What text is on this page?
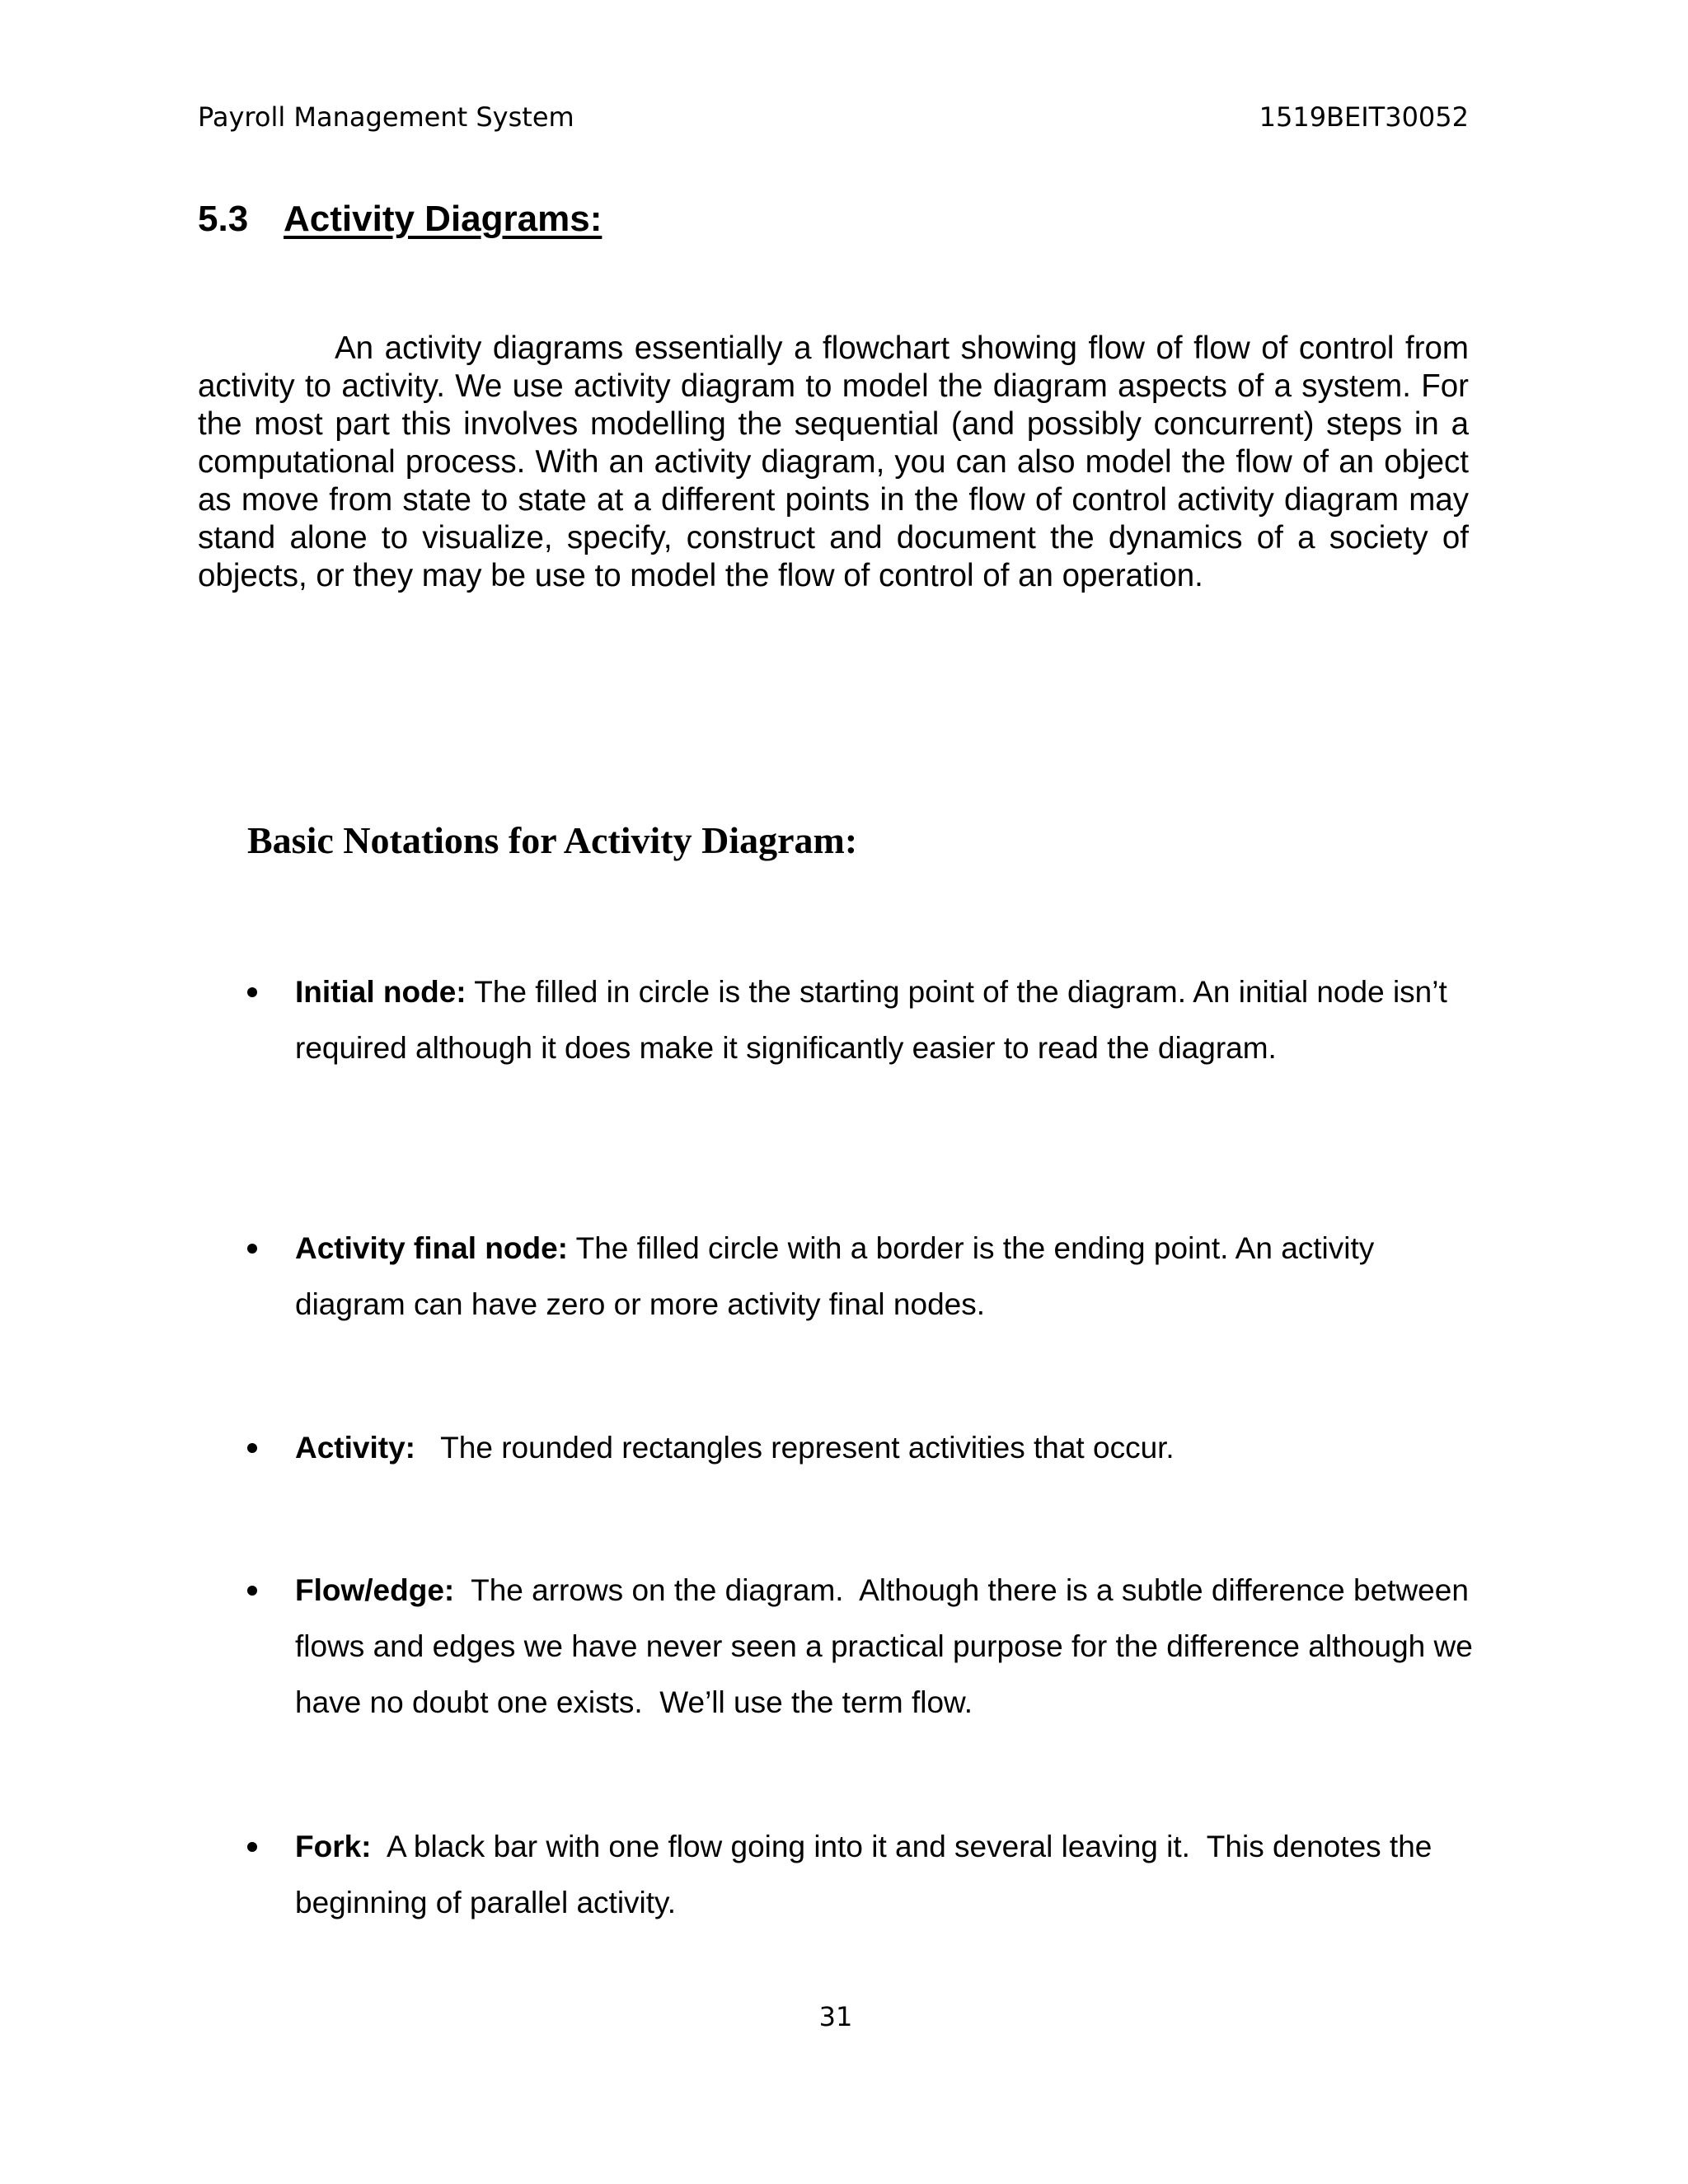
Payroll Management System	1519BEIT30052
5.3 Activity Diagrams:

An activity diagrams essentially a flowchart showing flow of flow of control from activity to activity. We use activity diagram to model the diagram aspects of a system. For the most part this involves modelling the sequential (and possibly concurrent) steps in a computational process. With an activity diagram, you can also model the flow of an object as move from state to state at a different points in the flow of control activity diagram may stand alone to visualize, specify, construct and document the dynamics of a society of objects, or they may be use to model the flow of control of an operation.

Basic Notations for Activity Diagram:
Initial node: The filled in circle is the starting point of the diagram. An initial node isn’t required although it does make it significantly easier to read the diagram.
Activity final node: The filled circle with a border is the ending point. An activity diagram can have zero or more activity final nodes.
Activity:   The rounded rectangles represent activities that occur.
Flow/edge:  The arrows on the diagram.  Although there is a subtle difference between flows and edges we have never seen a practical purpose for the difference although we have no doubt one exists.  We’ll use the term flow.
Fork:  A black bar with one flow going into it and several leaving it.  This denotes the beginning of parallel activity.
31
